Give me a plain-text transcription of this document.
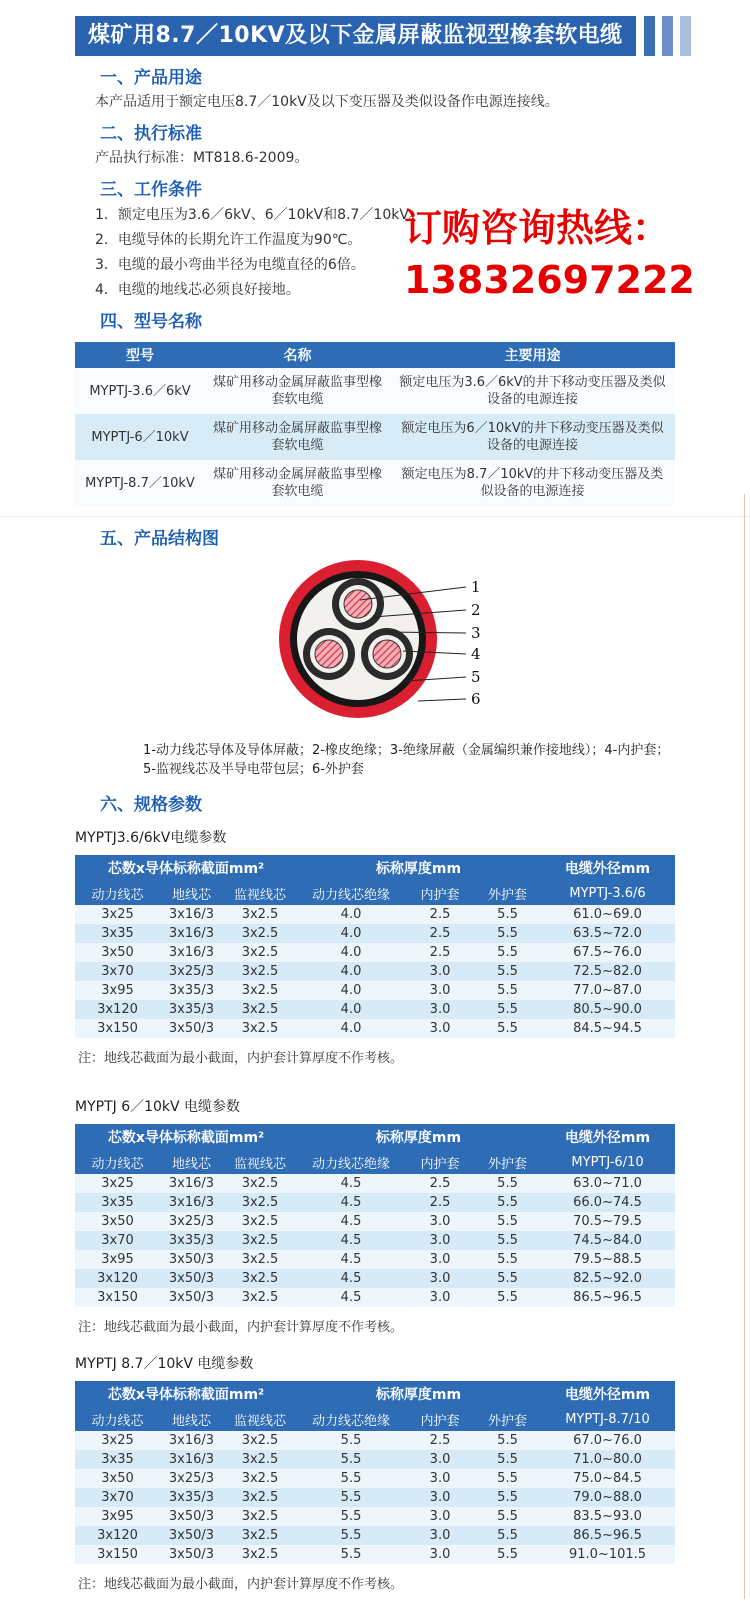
煤矿用8.7／10KV及以下金属屏蔽监视型橡套软电缆
订购咨询热线：
13832697222
一、产品用途

本产品适用于额定电压8.7／10kV及以下变压器及类似设备作电源连接线。

二、执行标准

产品执行标准：MT818.6-2009。

三、工作条件
1．额定电压为3.6／6kV、6／10kV和8.7／10kV。
2．电缆导体的长期允许工作温度为90℃。
3．电缆的最小弯曲半径为电缆直径的6倍。
4．电缆的地线芯必须良好接地。
四、型号名称
型号	名称	主要用途
MYPTJ-3.6／6kV	煤矿用移动金属屏蔽监事型橡套软电缆	额定电压为3.6／6kV的井下移动变压器及类似设备的电源连接
MYPTJ-6／10kV	煤矿用移动金属屏蔽监事型橡套软电缆	额定电压为6／10kV的井下移动变压器及类似设备的电源连接
MYPTJ-8.7／10kV	煤矿用移动金属屏蔽监事型橡套软电缆	额定电压为8.7／10kV的井下移动变压器及类似设备的电源连接
五、产品结构图
1
2
3
4
5
6
1-动力线芯导体及导体屏蔽；2-橡皮绝缘；3-绝缘屏蔽（金属编织兼作接地线）；4-内护套；
5-监视线芯及半导电带包层；6-外护套
六、规格参数
MYPTJ3.6/6kV电缆参数
芯数x导体标称截面mm²			标称厚度mm			电缆外径mm
动力线芯	地线芯	监视线芯	动力线芯绝缘	内护套	外护套	MYPTJ-3.6/6
3x25	3x16/3	3x2.5	4.0	2.5	5.5	61.0~69.0
3x35	3x16/3	3x2.5	4.0	2.5	5.5	63.5~72.0
3x50	3x16/3	3x2.5	4.0	2.5	5.5	67.5~76.0
3x70	3x25/3	3x2.5	4.0	3.0	5.5	72.5~82.0
3x95	3x35/3	3x2.5	4.0	3.0	5.5	77.0~87.0
3x120	3x35/3	3x2.5	4.0	3.0	5.5	80.5~90.0
3x150	3x50/3	3x2.5	4.0	3.0	5.5	84.5~94.5
注：地线芯截面为最小截面，内护套计算厚度不作考核。
MYPTJ 6／10kV 电缆参数
芯数x导体标称截面mm²			标称厚度mm			电缆外径mm
动力线芯	地线芯	监视线芯	动力线芯绝缘	内护套	外护套	MYPTJ-6/10
3x25	3x16/3	3x2.5	4.5	2.5	5.5	63.0~71.0
3x35	3x16/3	3x2.5	4.5	2.5	5.5	66.0~74.5
3x50	3x25/3	3x2.5	4.5	3.0	5.5	70.5~79.5
3x70	3x35/3	3x2.5	4.5	3.0	5.5	74.5~84.0
3x95	3x50/3	3x2.5	4.5	3.0	5.5	79.5~88.5
3x120	3x50/3	3x2.5	4.5	3.0	5.5	82.5~92.0
3x150	3x50/3	3x2.5	4.5	3.0	5.5	86.5~96.5
注：地线芯截面为最小截面，内护套计算厚度不作考核。
MYPTJ 8.7／10kV 电缆参数
芯数x导体标称截面mm²			标称厚度mm			电缆外径mm
动力线芯	地线芯	监视线芯	动力线芯绝缘	内护套	外护套	MYPTJ-8.7/10
3x25	3x16/3	3x2.5	5.5	2.5	5.5	67.0~76.0
3x35	3x16/3	3x2.5	5.5	3.0	5.5	71.0~80.0
3x50	3x25/3	3x2.5	5.5	3.0	5.5	75.0~84.5
3x70	3x35/3	3x2.5	5.5	3.0	5.5	79.0~88.0
3x95	3x50/3	3x2.5	5.5	3.0	5.5	83.5~93.0
3x120	3x50/3	3x2.5	5.5	3.0	5.5	86.5~96.5
3x150	3x50/3	3x2.5	5.5	3.0	5.5	91.0~101.5
注：地线芯截面为最小截面，内护套计算厚度不作考核。
